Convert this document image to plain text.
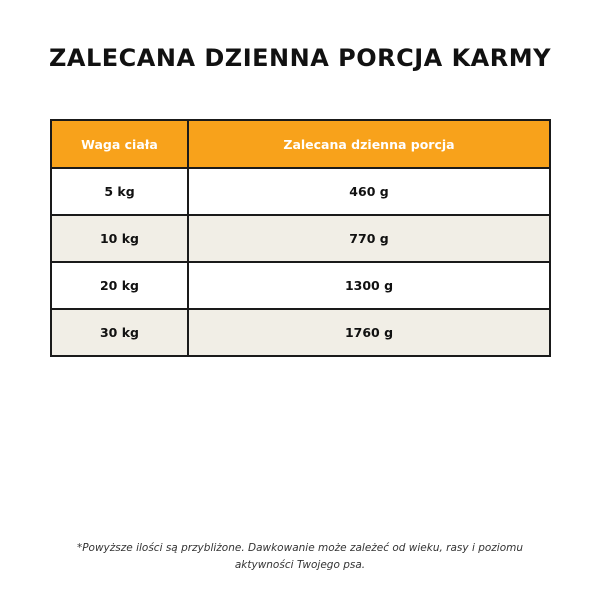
ZALECANA DZIENNA PORCJA KARMY
Waga ciała	Zalecana dzienna porcja
5 kg	460 g
10 kg	770 g
20 kg	1300 g
30 kg	1760 g
*Powyższe ilości są przybliżone. Dawkowanie może zależeć od wieku, rasy i poziomu
aktywności Twojego psa.
